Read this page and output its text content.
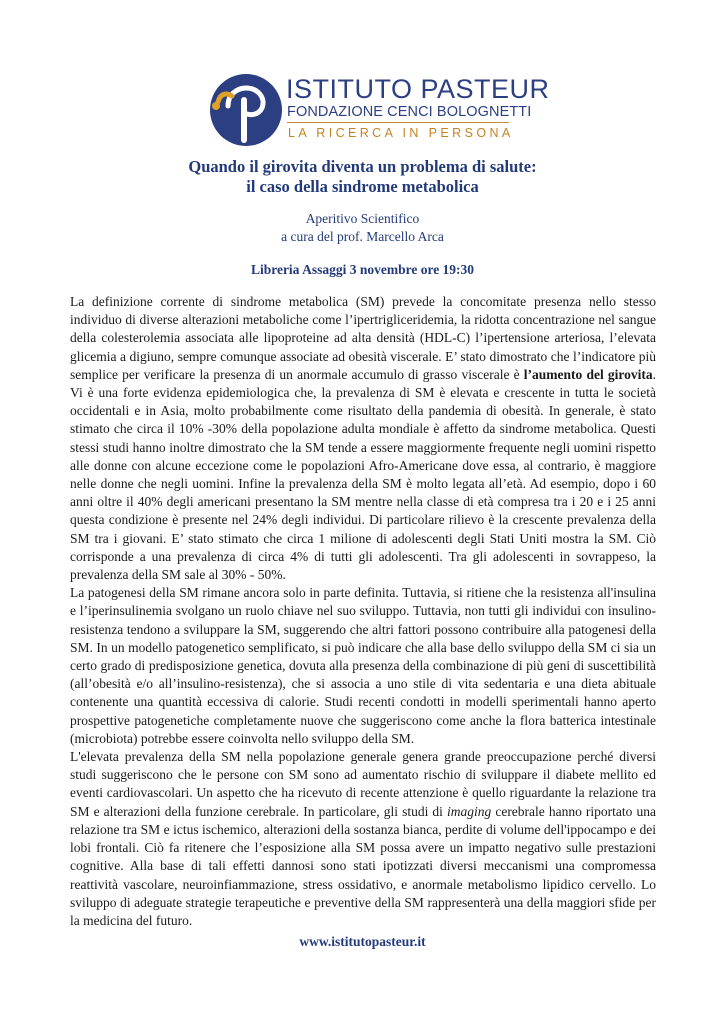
ISTITUTO PASTEUR
FONDAZIONE CENCI BOLOGNETTI
LA RICERCA IN PERSONA
Quando il girovita diventa un problema di salute:
il caso della sindrome metabolica
Aperitivo Scientifico
a cura del prof. Marcello Arca
Libreria Assaggi 3 novembre ore 19:30

La definizione corrente di sindrome metabolica (SM) prevede la concomitate presenza nello stesso individuo di diverse alterazioni metaboliche come l’ipertrigliceridemia, la ridotta concentrazione nel sangue della colesterolemia associata alle lipoproteine ad alta densità (HDL-C) l’ipertensione arteriosa, l’elevata glicemia a digiuno, sempre comunque associate ad obesità viscerale. E’ stato dimostrato che l’indicatore più semplice per verificare la presenza di un anormale accumulo di grasso viscerale è l’aumento del girovita. Vi è una forte evidenza epidemiologica che, la prevalenza di SM è elevata e crescente in tutta le società occidentali e in Asia, molto probabilmente come risultato della pandemia di obesità. In generale, è stato stimato che circa il 10% -30% della popolazione adulta mondiale è affetto da sindrome metabolica. Questi stessi studi hanno inoltre dimostrato che la SM tende a essere maggiormente frequente negli uomini rispetto alle donne con alcune eccezione come le popolazioni Afro-Americane dove essa, al contrario, è maggiore nelle donne che negli uomini. Infine la prevalenza della SM è molto legata all’età. Ad esempio, dopo i 60 anni oltre il 40% degli americani presentano la SM mentre nella classe di età compresa tra i 20 e i 25 anni questa condizione è presente nel 24% degli individui. Di particolare rilievo è la crescente prevalenza della SM tra i giovani. E’ stato stimato che circa 1 milione di adolescenti degli Stati Uniti mostra la SM. Ciò corrisponde a una prevalenza di circa 4% di tutti gli adolescenti. Tra gli adolescenti in sovrappeso, la prevalenza della SM sale al 30% - 50%.

La patogenesi della SM rimane ancora solo in parte definita. Tuttavia, si ritiene che la resistenza all'insulina e l’iperinsulinemia svolgano un ruolo chiave nel suo sviluppo. Tuttavia, non tutti gli individui con insulino-resistenza tendono a sviluppare la SM, suggerendo che altri fattori possono contribuire alla patogenesi della SM. In un modello patogenetico semplificato, si può indicare che alla base dello sviluppo della SM ci sia un certo grado di predisposizione genetica, dovuta alla presenza della combinazione di più geni di suscettibilità (all’obesità e/o all’insulino-resistenza), che si associa a uno stile di vita sedentaria e una dieta abituale contenente una quantità eccessiva di calorie. Studi recenti condotti in modelli sperimentali hanno aperto prospettive patogenetiche completamente nuove che suggeriscono come anche la flora batterica intestinale (microbiota) potrebbe essere coinvolta nello sviluppo della SM.

L'elevata prevalenza della SM nella popolazione generale genera grande preoccupazione perché diversi studi suggeriscono che le persone con SM sono ad aumentato rischio di sviluppare il diabete mellito ed eventi cardiovascolari. Un aspetto che ha ricevuto di recente attenzione è quello riguardante la relazione tra SM e alterazioni della funzione cerebrale. In particolare, gli studi di imaging cerebrale hanno riportato una relazione tra SM e ictus ischemico, alterazioni della sostanza bianca, perdite di volume dell'ippocampo e dei lobi frontali. Ciò fa ritenere che l’esposizione alla SM possa avere un impatto negativo sulle prestazioni cognitive. Alla base di tali effetti dannosi sono stati ipotizzati diversi meccanismi una compromessa reattività vascolare, neuroinfiammazione, stress ossidativo, e anormale metabolismo lipidico cervello. Lo sviluppo di adeguate strategie terapeutiche e preventive della SM rappresenterà una della maggiori sfide per la medicina del futuro.

www.istitutopasteur.it
